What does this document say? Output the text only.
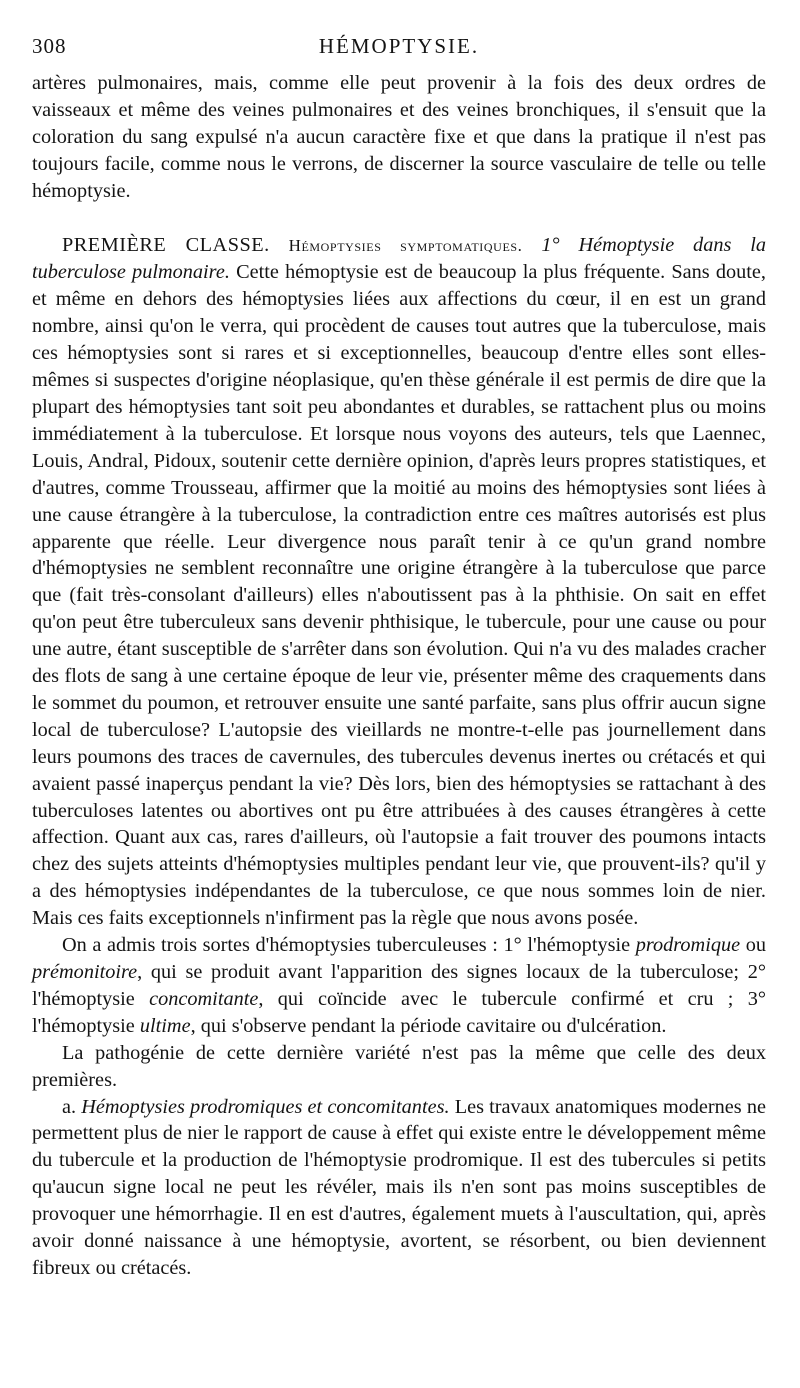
308	HÉMOPTYSIE.

artères pulmonaires, mais, comme elle peut provenir à la fois des deux ordres de vaisseaux et même des veines pulmonaires et des veines bronchiques, il s'ensuit que la coloration du sang expulsé n'a aucun caractère fixe et que dans la pratique il n'est pas toujours facile, comme nous le verrons, de discerner la source vasculaire de telle ou telle hémoptysie.

PREMIÈRE CLASSE. Hémoptysies symptomatiques. 1° Hémoptysie dans la tuberculose pulmonaire. Cette hémoptysie est de beaucoup la plus fréquente. Sans doute, et même en dehors des hémoptysies liées aux affections du cœur, il en est un grand nombre, ainsi qu'on le verra, qui procèdent de causes tout autres que la tuberculose, mais ces hémoptysies sont si rares et si exceptionnelles, beaucoup d'entre elles sont elles-mêmes si suspectes d'origine néoplasique, qu'en thèse générale il est permis de dire que la plupart des hémoptysies tant soit peu abondantes et durables, se rattachent plus ou moins immédiatement à la tuberculose. Et lorsque nous voyons des auteurs, tels que Laennec, Louis, Andral, Pidoux, soutenir cette dernière opinion, d'après leurs propres statistiques, et d'autres, comme Trousseau, affirmer que la moitié au moins des hémoptysies sont liées à une cause étrangère à la tuberculose, la contradiction entre ces maîtres autorisés est plus apparente que réelle. Leur divergence nous paraît tenir à ce qu'un grand nombre d'hémoptysies ne semblent reconnaître une origine étrangère à la tuberculose que parce que (fait très-consolant d'ailleurs) elles n'aboutissent pas à la phthisie. On sait en effet qu'on peut être tuberculeux sans devenir phthisique, le tubercule, pour une cause ou pour une autre, étant susceptible de s'arrêter dans son évolution. Qui n'a vu des malades cracher des flots de sang à une certaine époque de leur vie, présenter même des craquements dans le sommet du poumon, et retrouver ensuite une santé parfaite, sans plus offrir aucun signe local de tuberculose? L'autopsie des vieillards ne montre-t-elle pas journellement dans leurs poumons des traces de cavernules, des tubercules devenus inertes ou crétacés et qui avaient passé inaperçus pendant la vie? Dès lors, bien des hémoptysies se rattachant à des tuberculoses latentes ou abortives ont pu être attribuées à des causes étrangères à cette affection. Quant aux cas, rares d'ailleurs, où l'autopsie a fait trouver des poumons intacts chez des sujets atteints d'hémoptysies multiples pendant leur vie, que prouvent-ils? qu'il y a des hémoptysies indépendantes de la tuberculose, ce que nous sommes loin de nier. Mais ces faits exceptionnels n'infirment pas la règle que nous avons posée.

On a admis trois sortes d'hémoptysies tuberculeuses : 1° l'hémoptysie prodromique ou prémonitoire, qui se produit avant l'apparition des signes locaux de la tuberculose; 2° l'hémoptysie concomitante, qui coïncide avec le tubercule confirmé et cru ; 3° l'hémoptysie ultime, qui s'observe pendant la période cavitaire ou d'ulcération.

La pathogénie de cette dernière variété n'est pas la même que celle des deux premières.

a. Hémoptysies prodromiques et concomitantes. Les travaux anatomiques modernes ne permettent plus de nier le rapport de cause à effet qui existe entre le développement même du tubercule et la production de l'hémoptysie prodromique. Il est des tubercules si petits qu'aucun signe local ne peut les révéler, mais ils n'en sont pas moins susceptibles de provoquer une hémorrhagie. Il en est d'autres, également muets à l'auscultation, qui, après avoir donné naissance à une hémoptysie, avortent, se résorbent, ou bien deviennent fibreux ou crétacés.
